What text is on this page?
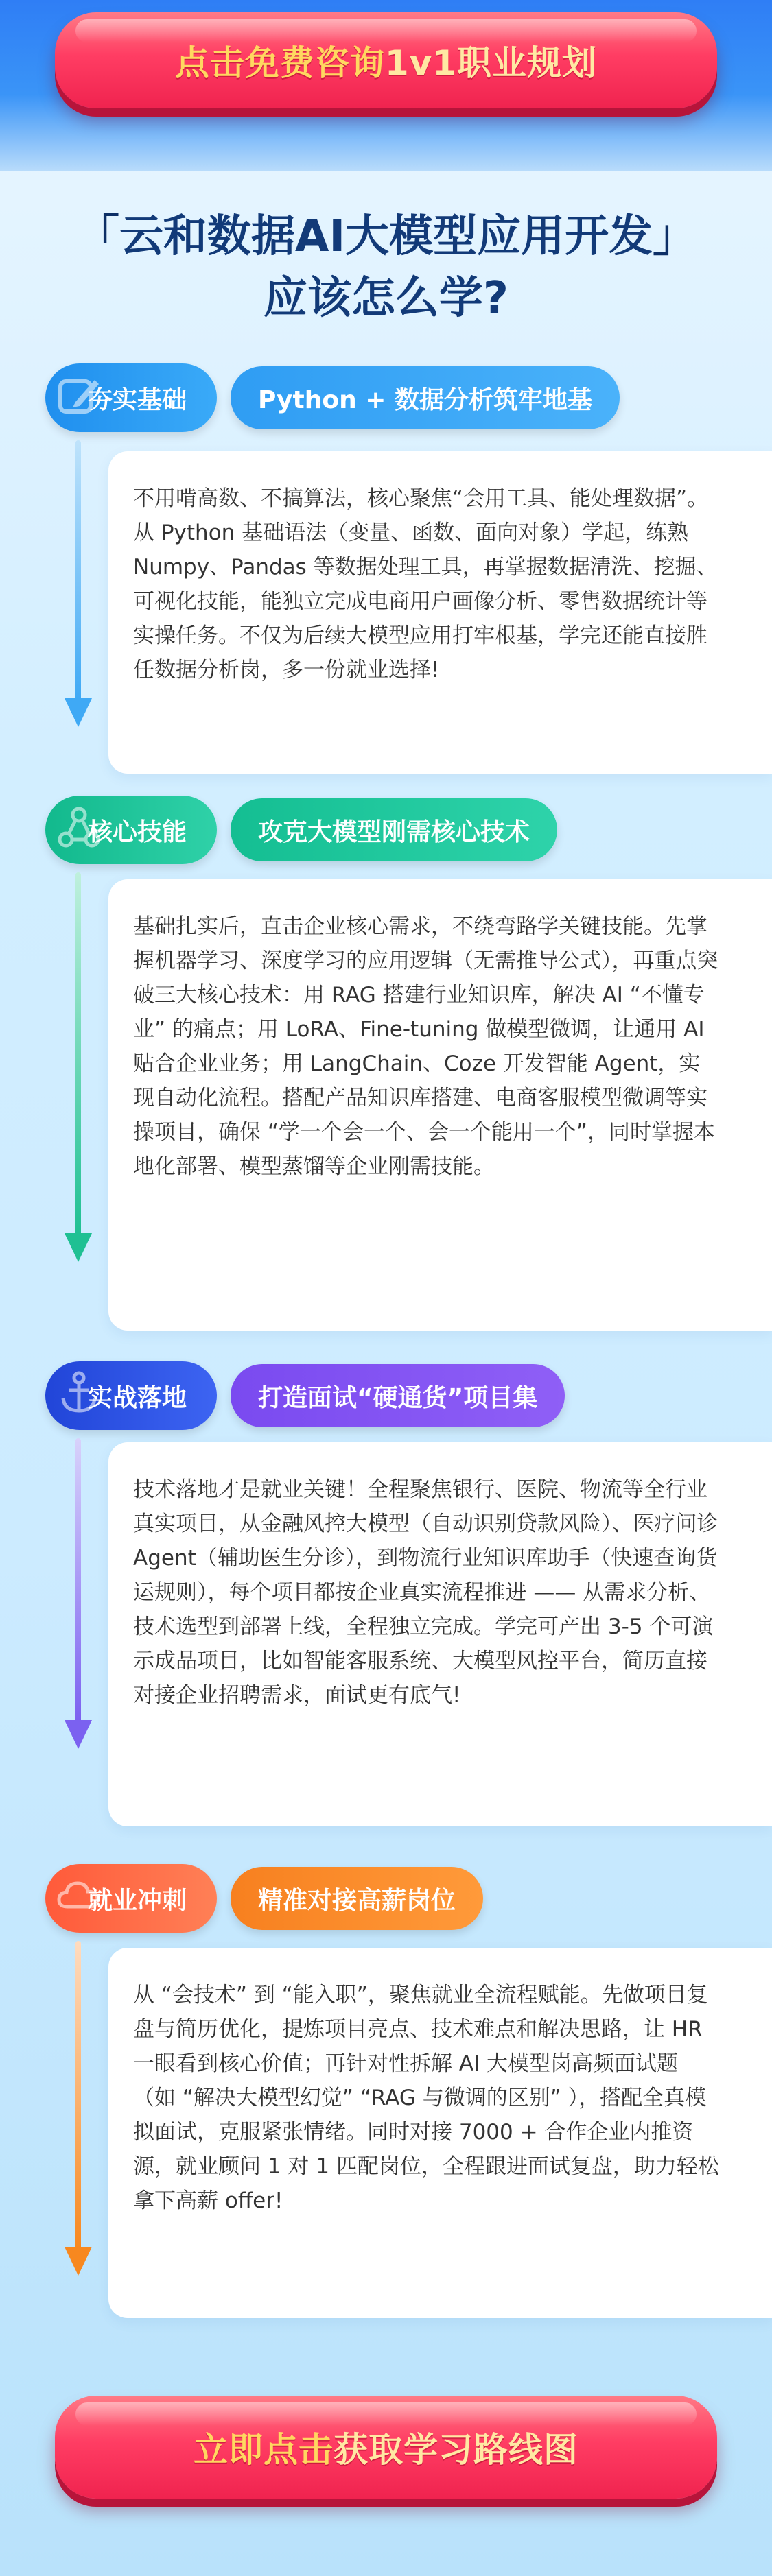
点击免费咨询1v1职业规划
「云和数据AI大模型应用开发」
应该怎么学?
夯实基础	Python + 数据分析筑牢地基
不用啃高数、不搞算法，核心聚焦“会用工具、能处理数据”。从 Python 基础语法（变量、函数、面向对象）学起，练熟 Numpy、Pandas 等数据处理工具，再掌握数据清洗、挖掘、可视化技能，能独立完成电商用户画像分析、零售数据统计等实操任务。不仅为后续大模型应用打牢根基，学完还能直接胜任数据分析岗，多一份就业选择!
核心技能	攻克大模型刚需核心技术
基础扎实后，直击企业核心需求，不绕弯路学关键技能。先掌握机器学习、深度学习的应用逻辑（无需推导公式），再重点突破三大核心技术：用 RAG 搭建行业知识库，解决 AI “不懂专业” 的痛点；用 LoRA、Fine-tuning 做模型微调，让通用 AI 贴合企业业务；用 LangChain、Coze 开发智能 Agent，实现自动化流程。搭配产品知识库搭建、电商客服模型微调等实操项目，确保 “学一个会一个、会一个能用一个”，同时掌握本地化部署、模型蒸馏等企业刚需技能。
实战落地	打造面试“硬通货”项目集
技术落地才是就业关键！全程聚焦银行、医院、物流等全行业真实项目，从金融风控大模型（自动识别贷款风险）、医疗问诊 Agent（辅助医生分诊），到物流行业知识库助手（快速查询货运规则），每个项目都按企业真实流程推进 —— 从需求分析、技术选型到部署上线，全程独立完成。学完可产出 3-5 个可演示成品项目，比如智能客服系统、大模型风控平台，简历直接对接企业招聘需求，面试更有底气!
就业冲刺	精准对接高薪岗位
从 “会技术” 到 “能入职”，聚焦就业全流程赋能。先做项目复盘与简历优化，提炼项目亮点、技术难点和解决思路，让 HR 一眼看到核心价值；再针对性拆解 AI 大模型岗高频面试题（如 “解决大模型幻觉” “RAG 与微调的区别” ），搭配全真模拟面试，克服紧张情绪。同时对接 7000 + 合作企业内推资源，就业顾问 1 对 1 匹配岗位，全程跟进面试复盘，助力轻松拿下高薪 offer!
立即点击获取学习路线图
